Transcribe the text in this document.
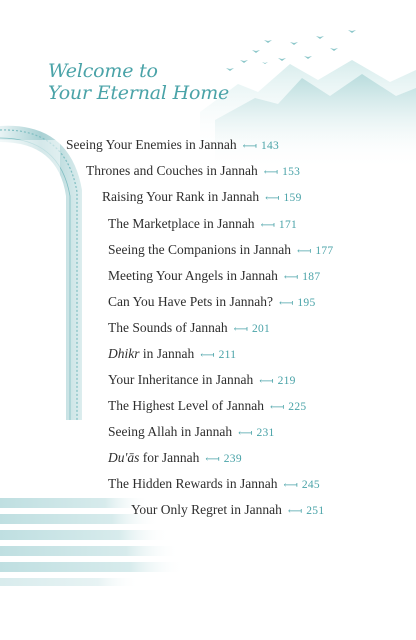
Welcome to
Your Eternal Home
Seeing Your Enemies in Jannah ⟻ 143
Thrones and Couches in Jannah ⟻ 153
Raising Your Rank in Jannah ⟻ 159
The Marketplace in Jannah ⟻ 171
Seeing the Companions in Jannah ⟻ 177
Meeting Your Angels in Jannah ⟻ 187
Can You Have Pets in Jannah? ⟻ 195
The Sounds of Jannah ⟻ 201
Dhikr in Jannah ⟻ 211
Your Inheritance in Jannah ⟻ 219
The Highest Level of Jannah ⟻ 225
Seeing Allah in Jannah ⟻ 231
Du'ās for Jannah ⟻ 239
The Hidden Rewards in Jannah ⟻ 245
Your Only Regret in Jannah ⟻ 251
